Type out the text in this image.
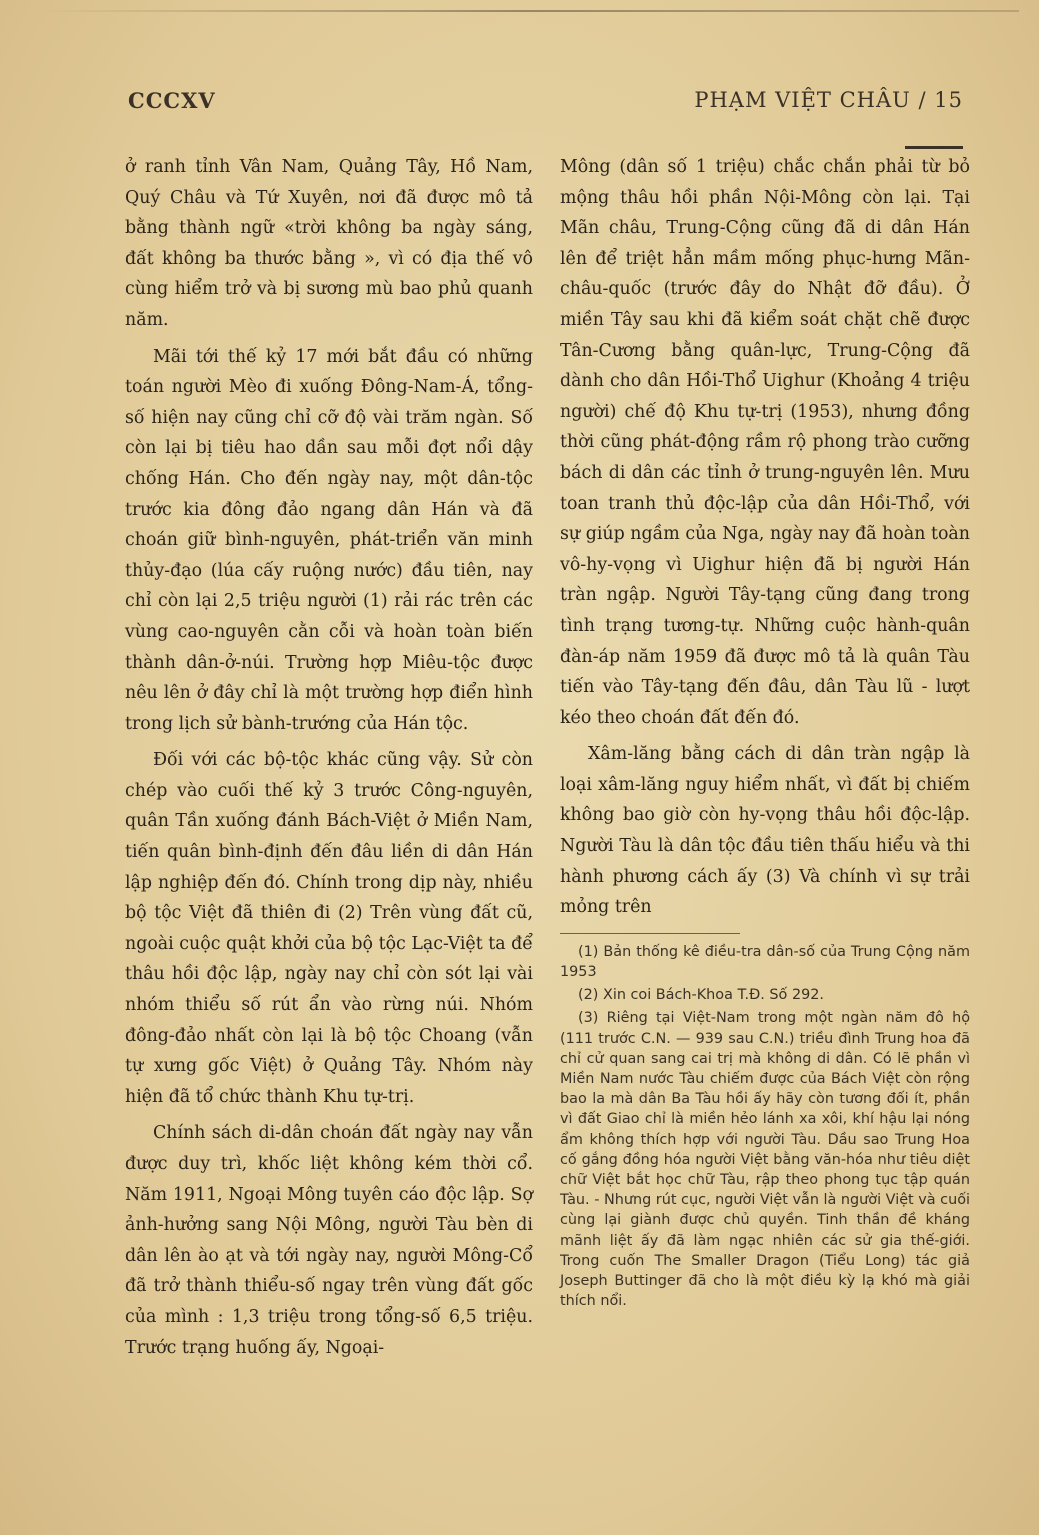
CCCXV	PHẠM VIỆT CHÂU / 15

ở ranh tỉnh Vân Nam, Quảng Tây, Hồ Nam, Quý Châu và Tứ Xuyên, nơi đã được mô tả bằng thành ngữ «trời không ba ngày sáng, đất không ba thước bằng », vì có địa thế vô cùng hiểm trở và bị sương mù bao phủ quanh năm.

Mãi tới thế kỷ 17 mới bắt đầu có những toán người Mèo đi xuống Đông-Nam-Á, tổng-số hiện nay cũng chỉ cỡ độ vài trăm ngàn. Số còn lại bị tiêu hao dần sau mỗi đợt nổi dậy chống Hán. Cho đến ngày nay, một dân-tộc trước kia đông đảo ngang dân Hán và đã choán giữ bình-nguyên, phát-triển văn minh thủy-đạo (lúa cấy ruộng nước) đầu tiên, nay chỉ còn lại 2,5 triệu người (1) rải rác trên các vùng cao-nguyên cằn cỗi và hoàn toàn biến thành dân-ở-núi. Trường hợp Miêu-tộc được nêu lên ở đây chỉ là một trường hợp điển hình trong lịch sử bành-trướng của Hán tộc.

Đối với các bộ-tộc khác cũng vậy. Sử còn chép vào cuối thế kỷ 3 trước Công-nguyên, quân Tần xuống đánh Bách-Việt ở Miền Nam, tiến quân bình-định đến đâu liền di dân Hán lập nghiệp đến đó. Chính trong dịp này, nhiều bộ tộc Việt đã thiên đi (2) Trên vùng đất cũ, ngoài cuộc quật khởi của bộ tộc Lạc-Việt ta để thâu hồi độc lập, ngày nay chỉ còn sót lại vài nhóm thiểu số rút ẩn vào rừng núi. Nhóm đông-đảo nhất còn lại là bộ tộc Choang (vẫn tự xưng gốc Việt) ở Quảng Tây. Nhóm này hiện đã tổ chức thành Khu tự-trị.

Chính sách di-dân choán đất ngày nay vẫn được duy trì, khốc liệt không kém thời cổ. Năm 1911, Ngoại Mông tuyên cáo độc lập. Sợ ảnh-hưởng sang Nội Mông, người Tàu bèn di dân lên ào ạt và tới ngày nay, người Mông-Cổ đã trở thành thiểu-số ngay trên vùng đất gốc của mình : 1,3 triệu trong tổng-số 6,5 triệu. Trước trạng huống ấy, Ngoại-

Mông (dân số 1 triệu) chắc chắn phải từ bỏ mộng thâu hồi phần Nội-Mông còn lại. Tại Mãn châu, Trung-Cộng cũng đã di dân Hán lên để triệt hẳn mầm mống phục-hưng Mãn-châu-quốc (trước đây do Nhật đỡ đầu). Ở miền Tây sau khi đã kiểm soát chặt chẽ được Tân-Cương bằng quân-lực, Trung-Cộng đã dành cho dân Hồi-Thổ Uighur (Khoảng 4 triệu người) chế độ Khu tự-trị (1953), nhưng đồng thời cũng phát-động rầm rộ phong trào cưỡng bách di dân các tỉnh ở trung-nguyên lên. Mưu toan tranh thủ độc-lập của dân Hồi-Thổ, với sự giúp ngầm của Nga, ngày nay đã hoàn toàn vô-hy-vọng vì Uighur hiện đã bị người Hán tràn ngập. Người Tây-tạng cũng đang trong tình trạng tương-tự. Những cuộc hành-quân đàn-áp năm 1959 đã được mô tả là quân Tàu tiến vào Tây-tạng đến đâu, dân Tàu lũ - lượt kéo theo choán đất đến đó.

Xâm-lăng bằng cách di dân tràn ngập là loại xâm-lăng nguy hiểm nhất, vì đất bị chiếm không bao giờ còn hy-vọng thâu hồi độc-lập. Người Tàu là dân tộc đầu tiên thấu hiểu và thi hành phương cách ấy (3) Và chính vì sự trải mỏng trên

(1) Bản thống kê điều-tra dân-số của Trung Cộng năm 1953

(2) Xin coi Bách-Khoa T.Đ. Số 292.

(3) Riêng tại Việt-Nam trong một ngàn năm đô hộ (111 trước C.N. — 939 sau C.N.) triều đình Trung hoa đã chỉ cử quan sang cai trị mà không di dân. Có lẽ phần vì Miền Nam nước Tàu chiếm được của Bách Việt còn rộng bao la mà dân Ba Tàu hồi ấy hãy còn tương đối ít, phần vì đất Giao chỉ là miền hẻo lánh xa xôi, khí hậu lại nóng ẩm không thích hợp với người Tàu. Dầu sao Trung Hoa cố gắng đồng hóa người Việt bằng văn-hóa như tiêu diệt chữ Việt bắt học chữ Tàu, rập theo phong tục tập quán Tàu. - Nhưng rút cục, người Việt vẫn là người Việt và cuối cùng lại giành được chủ quyền. Tinh thần đề kháng mãnh liệt ấy đã làm ngạc nhiên các sử gia thế-giới. Trong cuốn The Smaller Dragon (Tiểu Long) tác giả Joseph Buttinger đã cho là một điều kỳ lạ khó mà giải thích nổi.
